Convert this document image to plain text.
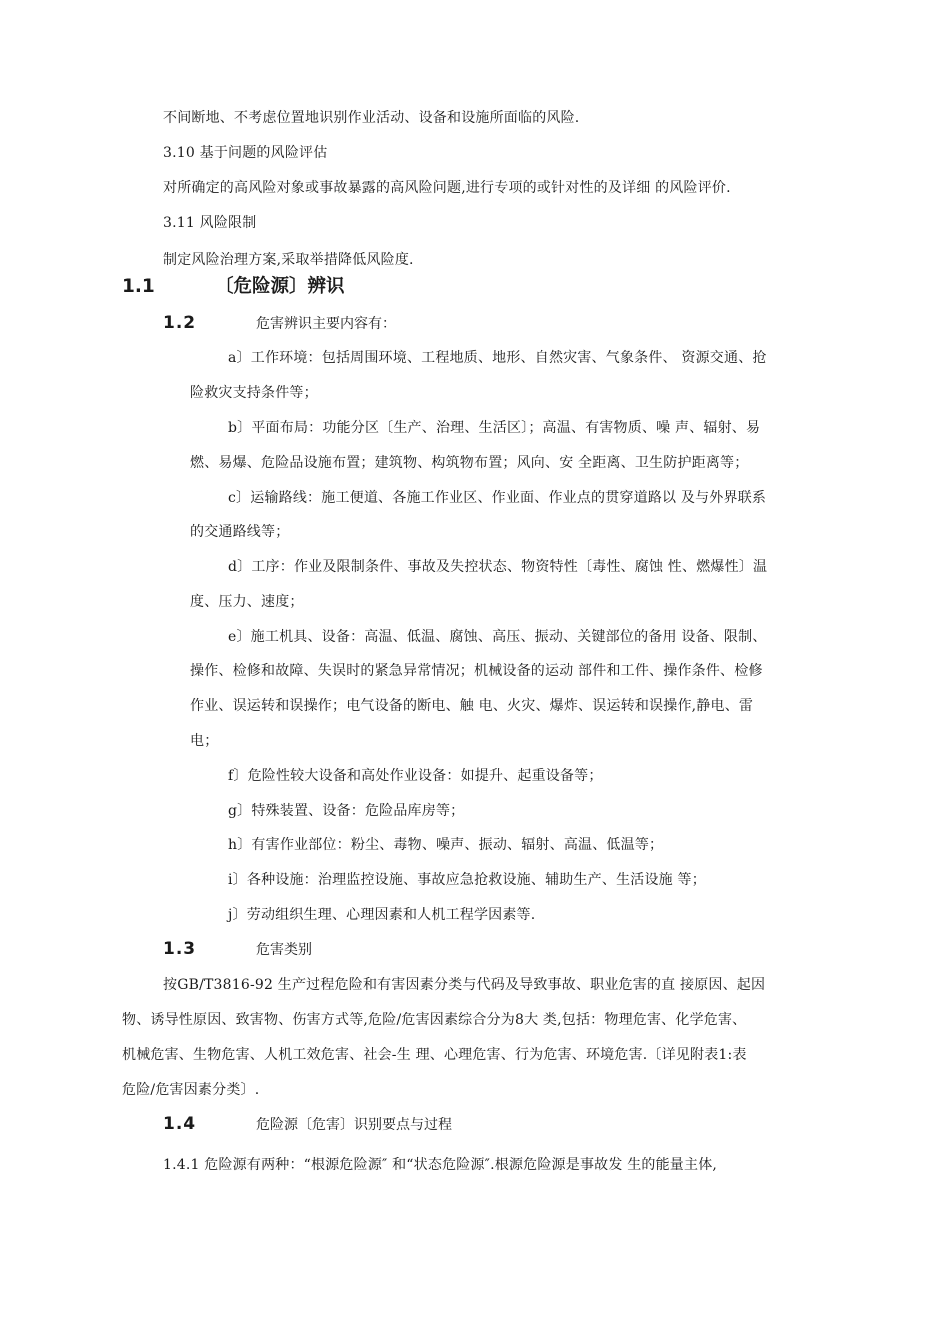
不间断地、不考虑位置地识别作业活动、设备和设施所面临的风险.
3.10 基于问题的风险评估
对所确定的高风险对象或事故暴露的高风险问题,进行专项的或针对性的及详细 的风险评价.
3.11 风险限制
制定风险治理方案,采取举措降低风险度.
1.1	〔危险源〕辨识
1.2	危害辨识主要内容有：
a〕工作环境：包括周围环境、工程地质、地形、自然灾害、气象条件、 资源交通、抢
险救灾支持条件等；
b〕平面布局：功能分区〔生产、治理、生活区〕；高温、有害物质、噪 声、辐射、易
燃、易爆、危险品设施布置；建筑物、构筑物布置；风向、安 全距离、卫生防护距离等；
c〕运输路线：施工便道、各施工作业区、作业面、作业点的贯穿道路以 及与外界联系
的交通路线等；
d〕工序：作业及限制条件、事故及失控状态、物资特性〔毒性、腐蚀 性、燃爆性〕温
度、压力、速度；
e〕施工机具、设备：高温、低温、腐蚀、高压、振动、关键部位的备用 设备、限制、
操作、检修和故障、失误时的紧急异常情况；机械设备的运动 部件和工件、操作条件、检修
作业、误运转和误操作；电气设备的断电、触 电、火灾、爆炸、误运转和误操作,静电、雷
电；
f〕危险性较大设备和高处作业设备：如提升、起重设备等；
g〕特殊装置、设备：危险品库房等；
h〕有害作业部位：粉尘、毒物、噪声、振动、辐射、高温、低温等；
i〕各种设施：治理监控设施、事故应急抢救设施、辅助生产、生活设施 等；
j〕劳动组织生理、心理因素和人机工程学因素等.
1.3	危害类别
按GB/T3816-92 生产过程危险和有害因素分类与代码及导致事故、职业危害的直 接原因、起因
物、诱导性原因、致害物、伤害方式等,危险/危害因素综合分为8大 类,包括：物理危害、化学危害、
机械危害、生物危害、人机工效危害、社会-生 理、心理危害、行为危害、环境危害.〔详见附表1:表
危险/危害因素分类〕.
1.4	危险源〔危害〕识别要点与过程
1.4.1 危险源有两种：“根源危险源″ 和“状态危险源″.根源危险源是事故发 生的能量主体,
